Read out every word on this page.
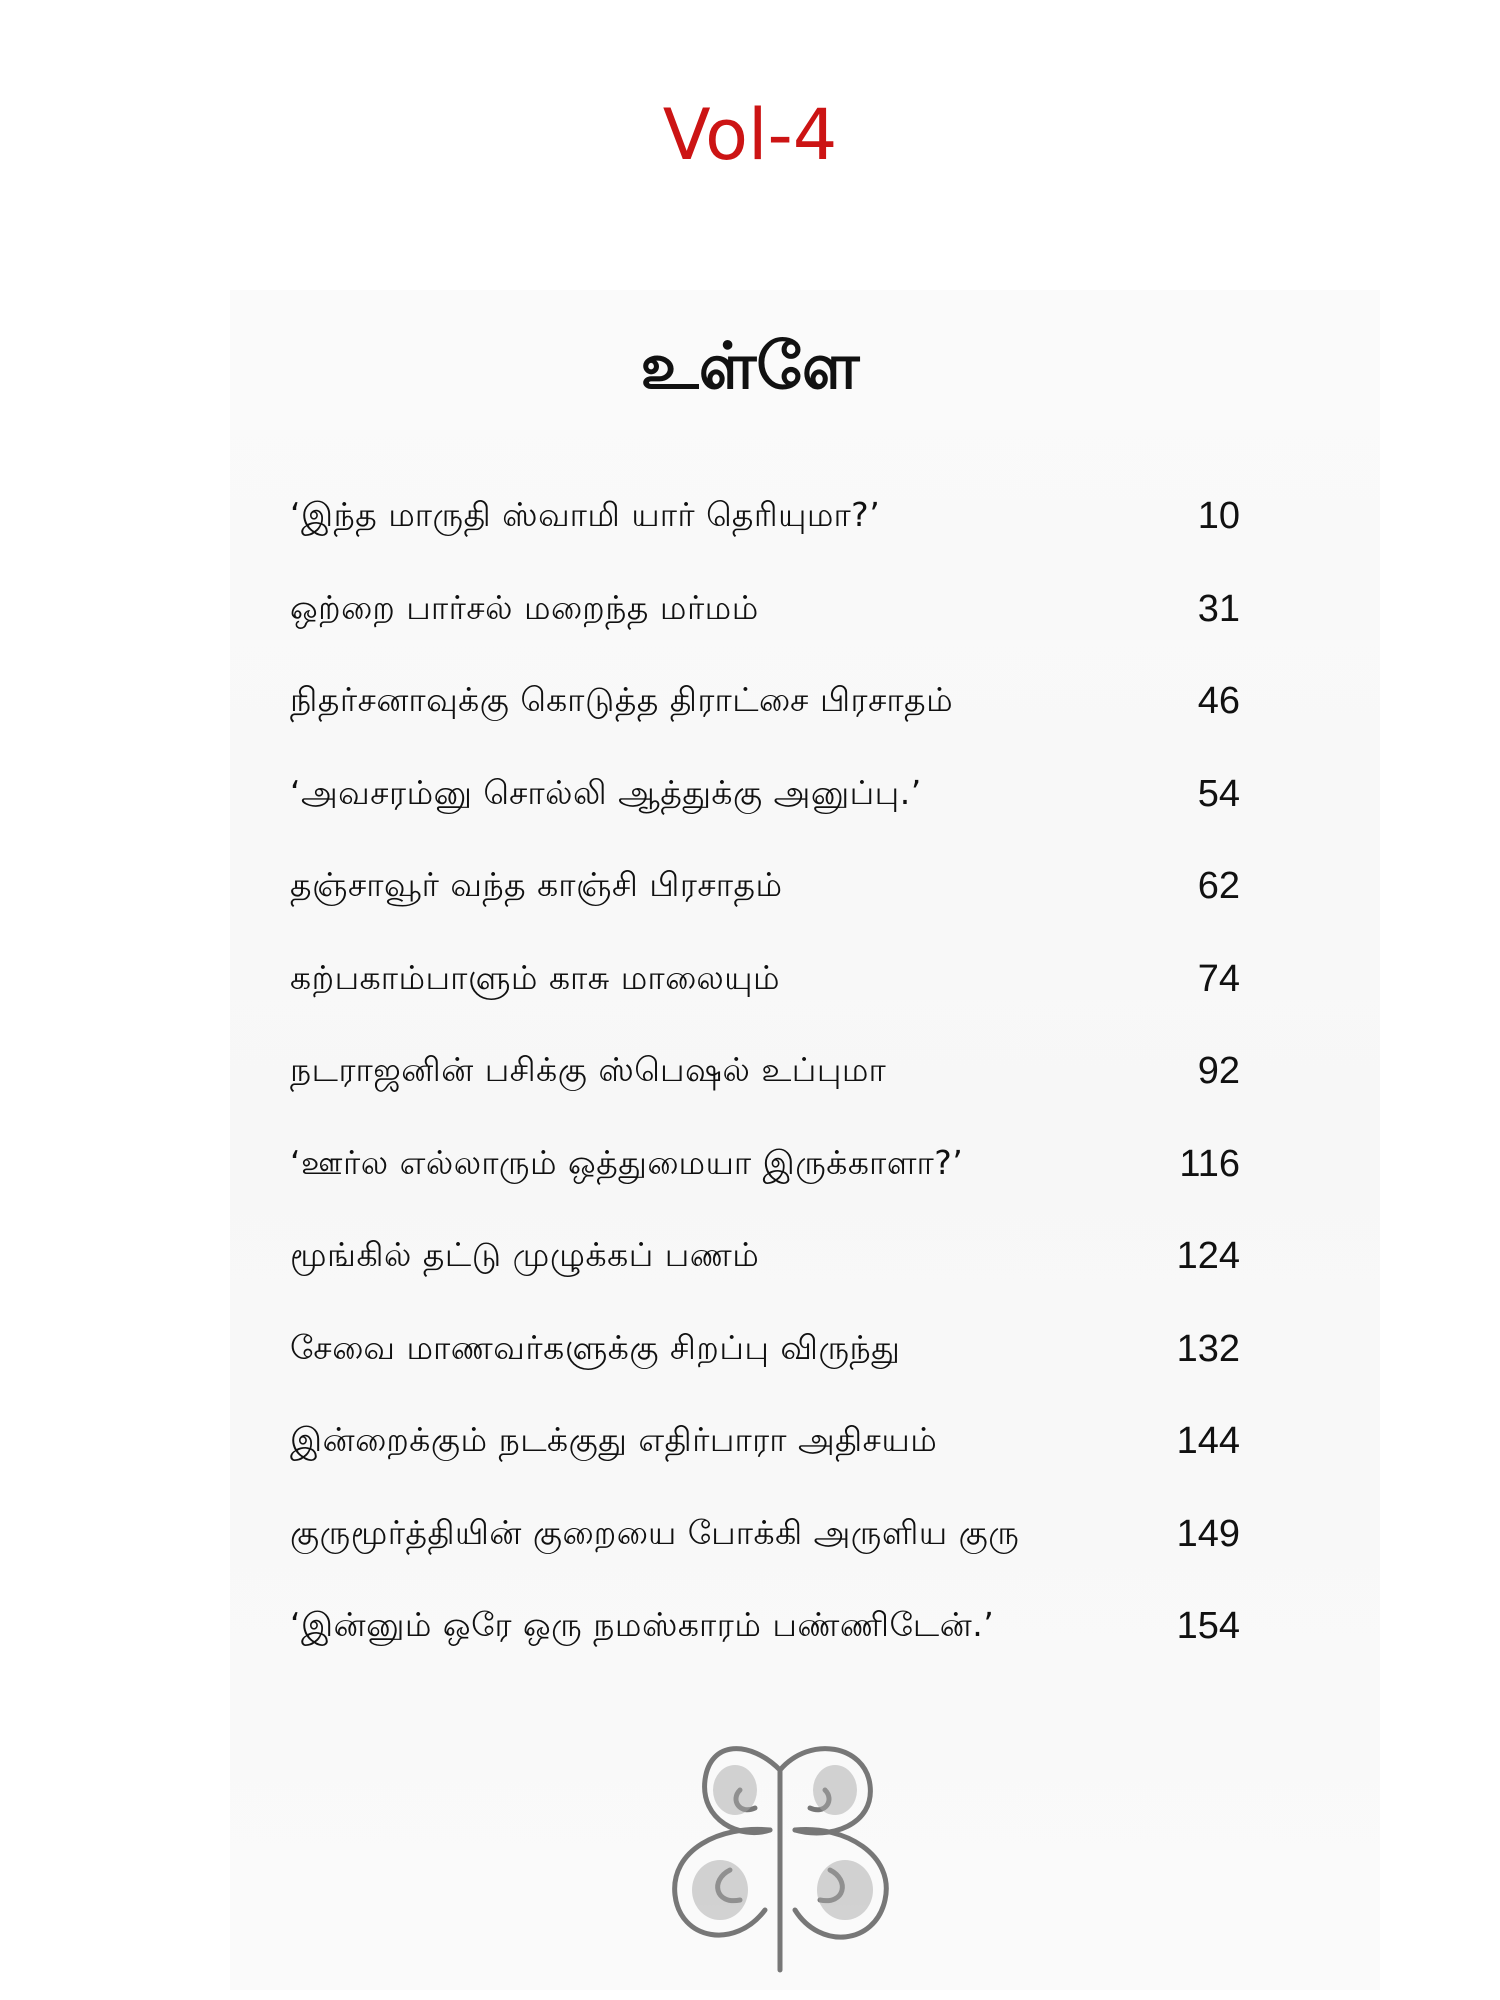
Vol-4
உள்ளே
‘இந்த மாருதி ஸ்வாமி யார் தெரியுமா?’	10
ஒற்றை பார்சல் மறைந்த மர்மம்	31
நிதர்சனாவுக்கு கொடுத்த திராட்சை பிரசாதம்	46
‘அவசரம்னு சொல்லி ஆத்துக்கு அனுப்பு.’	54
தஞ்சாவூர் வந்த காஞ்சி பிரசாதம்	62
கற்பகாம்பாளும் காசு மாலையும்	74
நடராஜனின் பசிக்கு ஸ்பெஷல் உப்புமா	92
‘ஊர்ல எல்லாரும் ஒத்துமையா இருக்காளா?’	116
மூங்கில் தட்டு முழுக்கப் பணம்	124
சேவை மாணவர்களுக்கு சிறப்பு விருந்து	132
இன்றைக்கும் நடக்குது எதிர்பாரா அதிசயம்	144
குருமூர்த்தியின் குறையை போக்கி அருளிய குரு	149
‘இன்னும் ஒரே ஒரு நமஸ்காரம் பண்ணிடேன்.’	154
